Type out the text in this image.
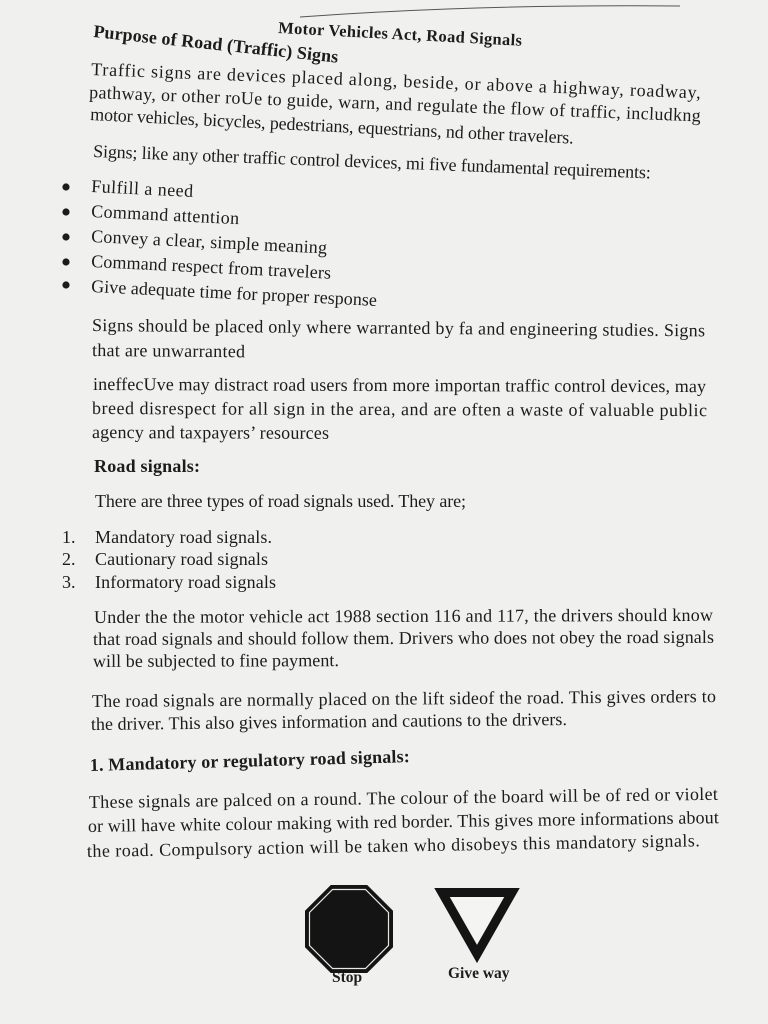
Motor Vehicles Act, Road Signals
Purpose of Road (Traffic) Signs
Traffic signs are devices placed along, beside, or above a highway, roadway,
pathway, or other roUe to guide, warn, and regulate the flow of traffic, includkng
motor vehicles, bicycles, pedestrians, equestrians, nd other travelers.
Signs; like any other traffic control devices, mi five fundamental requirements:
Fulfill a need
Command attention
Convey a clear, simple meaning
Command respect from travelers
Give adequate time for proper response
Signs should be placed only where warranted by fa and engineering studies. Signs
that are unwarranted
ineffecUve may distract road users from more importan traffic control devices, may
breed disrespect for all sign in the area, and are often a waste of valuable public
agency and taxpayers’ resources
Road signals:
There are three types of road signals used. They are;
1. Mandatory road signals.
2. Cautionary road signals
3. Informatory road signals
Under the the motor vehicle act 1988 section 116 and 117, the drivers should know
that road signals and should follow them. Drivers who does not obey the road signals
will be subjected to fine payment.
The road signals are normally placed on the lift sideof the road. This gives orders to
the driver. This also gives information and cautions to the drivers.
1. Mandatory or regulatory road signals:
These signals are palced on a round. The colour of the board will be of red or violet
or will have white colour making with red border. This gives more informations about
the road. Compulsory action will be taken who disobeys this mandatory signals.
Stop	Give way
